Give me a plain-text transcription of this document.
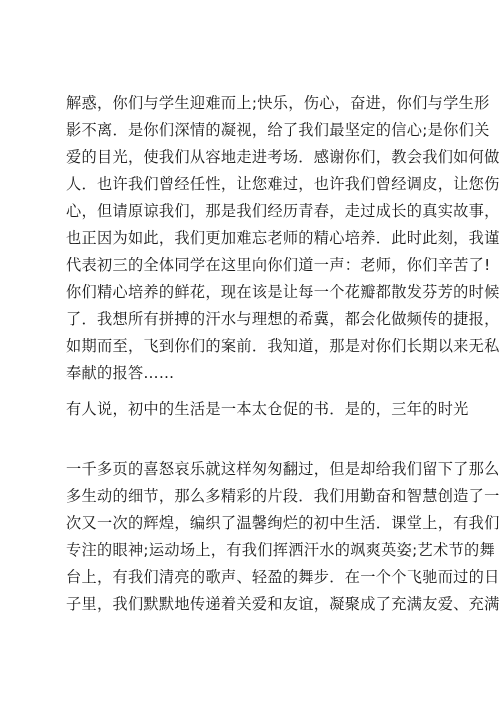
解惑，你们与学生迎难而上;快乐，伤心，奋进，你们与学生形
影不离．是你们深情的凝视，给了我们最坚定的信心;是你们关
爱的目光，使我们从容地走进考场．感谢你们，教会我们如何做
人．也许我们曾经任性，让您难过，也许我们曾经调皮，让您伤
心，但请原谅我们，那是我们经历青春，走过成长的真实故事，
也正因为如此，我们更加难忘老师的精心培养．此时此刻，我谨
代表初三的全体同学在这里向你们道一声：老师，你们辛苦了!
你们精心培养的鲜花，现在该是让每一个花瓣都散发芬芳的时候
了．我想所有拼搏的汗水与理想的希冀，都会化做频传的捷报，
如期而至，飞到你们的案前．我知道，那是对你们长期以来无私
奉献的报答……
有人说，初中的生活是一本太仓促的书．是的，三年的时光
一千多页的喜怒哀乐就这样匆匆翻过，但是却给我们留下了那么
多生动的细节，那么多精彩的片段．我们用勤奋和智慧创造了一
次又一次的辉煌，编织了温馨绚烂的初中生活．课堂上，有我们
专注的眼神;运动场上，有我们挥洒汗水的飒爽英姿;艺术节的舞
台上，有我们清亮的歌声、轻盈的舞步．在一个个飞驰而过的日
子里，我们默默地传递着关爱和友谊，凝聚成了充满友爱、充满
